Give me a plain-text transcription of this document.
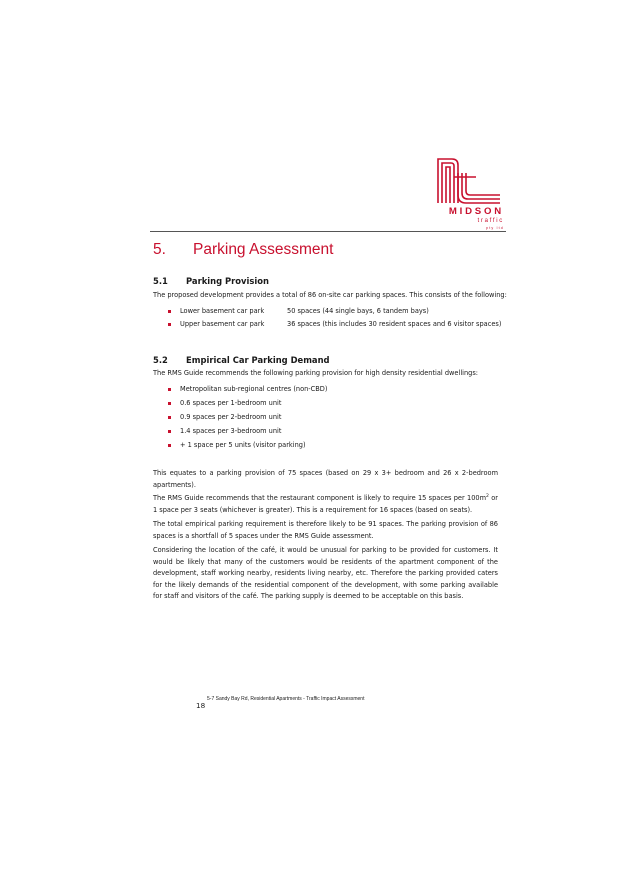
MIDSON
traffic
pty ltd
5. Parking Assessment
5.1 Parking Provision
The proposed development provides a total of 86 on-site car parking spaces. This consists of the following:
Lower basement car park	50 spaces (44 single bays, 6 tandem bays)
Upper basement car park	36 spaces (this includes 30 resident spaces and 6 visitor spaces)
5.2 Empirical Car Parking Demand
The RMS Guide recommends the following parking provision for high density residential dwellings:
Metropolitan sub-regional centres (non-CBD)
0.6 spaces per 1-bedroom unit
0.9 spaces per 2-bedroom unit
1.4 spaces per 3-bedroom unit
+ 1 space per 5 units (visitor parking)
This equates to a parking provision of 75 spaces (based on 29 x 3+ bedroom and 26 x 2-bedroom apartments).
The RMS Guide recommends that the restaurant component is likely to require 15 spaces per $100m^2$ or 1 space per 3 seats (whichever is greater). This is a requirement for 16 spaces (based on seats).
The total empirical parking requirement is therefore likely to be 91 spaces. The parking provision of 86 spaces is a shortfall of 5 spaces under the RMS Guide assessment.
Considering the location of the café, it would be unusual for parking to be provided for customers. It would be likely that many of the customers would be residents of the apartment component of the development, staff working nearby, residents living nearby, etc. Therefore the parking provided caters for the likely demands of the residential component of the development, with some parking available for staff and visitors of the café. The parking supply is deemed to be acceptable on this basis.
18
5-7 Sandy Bay Rd, Residential Apartments - Traffic Impact Assessment
